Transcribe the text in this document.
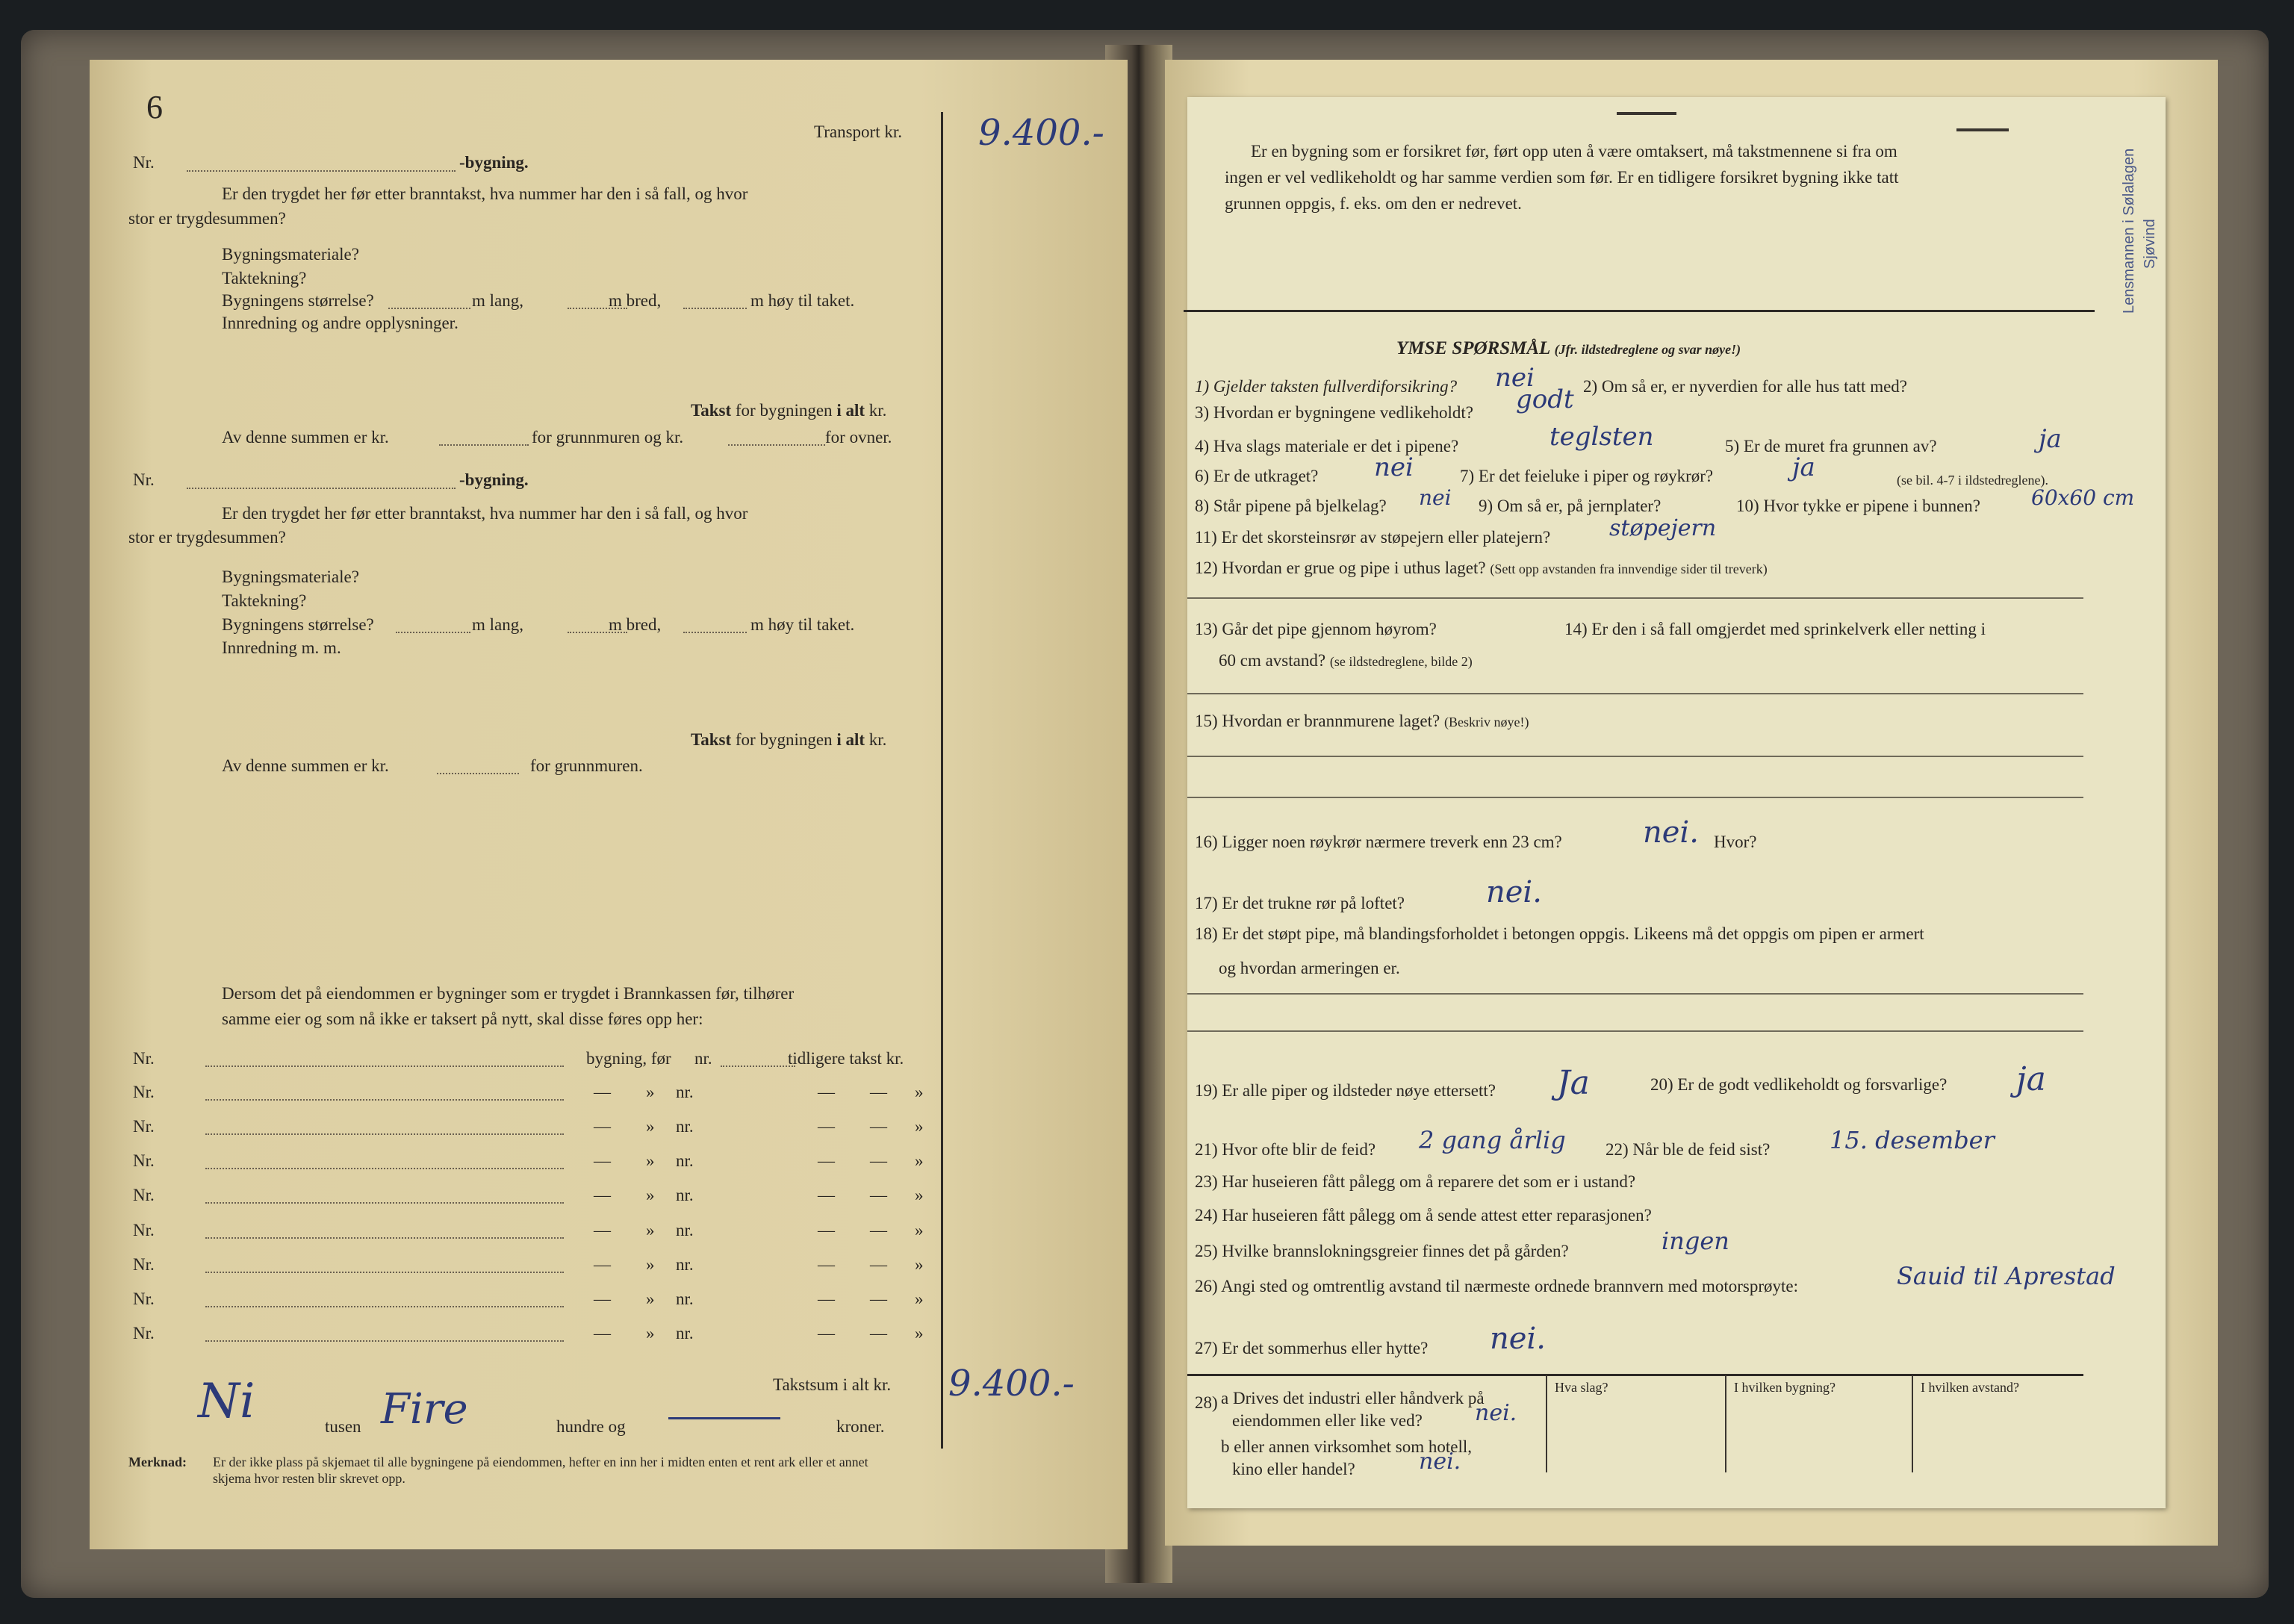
6
Transport kr. 9.400.-
Nr.	-bygning.
Er den trygdet her før etter branntakst, hva nummer har den i så fall, og hvor
stor er trygdesummen?
Bygningsmateriale?
Taktekning?
Bygningens størrelse?	m lang,	m bred,	m høy til taket.
Innredning og andre opplysninger.
Takst for bygningen i alt kr.
Av denne summen er kr.	for grunnmuren og kr.	for ovner.
Nr.	-bygning.
Er den trygdet her før etter branntakst, hva nummer har den i så fall, og hvor
stor er trygdesummen?
Bygningsmateriale?
Taktekning?
Bygningens størrelse?	m lang,	m bred,	m høy til taket.
Innredning m. m.
Takst for bygningen i alt kr.
Av denne summen er kr.	for grunnmuren.
Dersom det på eiendommen er bygninger som er trygdet i Brannkassen før, tilhører
samme eier og som nå ikke er taksert på nytt, skal disse føres opp her:
Nr.	bygning, før nr.	tidligere takst kr.
Nr.	— » nr.	— — »
Nr.	— » nr.	— — »
Nr.	— » nr.	— — »
Nr.	— » nr.	— — »
Nr.	— » nr.	— — »
Nr.	— » nr.	— — »
Nr.	— » nr.	— — »
Nr.	— » nr.	— — »
Takstsum i alt kr. 9.400.-
Ni	tusen Fire	hundre og	kroner.
Merknad: Er der ikke plass på skjemaet til alle bygningene på eiendommen, hefter en inn her i midten enten et rent ark eller et annet
skjema hvor resten blir skrevet opp.
Er en bygning som er forsikret før, ført opp uten å være omtaksert, må takstmennene si fra om
ingen er vel vedlikeholdt og har samme verdien som før. Er en tidligere forsikret bygning ikke tatt
grunnen oppgis, f. eks. om den er nedrevet.	Lensmannen i Sølalagen Sjøvind
YMSE SPØRSMÅL (Jfr. ildstedreglene og svar nøye!)
1) Gjelder taksten fullverdiforsikring? nei	2) Om så er, er nyverdien for alle hus tatt med?
3) Hvordan er bygningene vedlikeholdt? godt
4) Hva slags materiale er det i pipene?	teglsten	5) Er de muret fra grunnen av?	ja
6) Er de utkraget? nei	7) Er det feieluke i piper og røykrør?	ja	(se bil. 4-7 i ildstedreglene).
8) Står pipene på bjelkelag? nei 9) Om så er, på jernplater?	10) Hvor tykke er pipene i bunnen? 60x60 cm
11) Er det skorsteinsrør av støpejern eller platejern?	støpejern
12) Hvordan er grue og pipe i uthus laget? (Sett opp avstanden fra innvendige sider til treverk)
13) Går det pipe gjennom høyrom?	14) Er den i så fall omgjerdet med sprinkelverk eller netting i
60 cm avstand? (se ildstedreglene, bilde 2)
15) Hvordan er brannmurene laget? (Beskriv nøye!)
16) Ligger noen røykrør nærmere treverk enn 23 cm?	nei. Hvor?
17) Er det trukne rør på loftet?	nei.
18) Er det støpt pipe, må blandingsforholdet i betongen oppgis. Likeens må det oppgis om pipen er armert
og hvordan armeringen er.
19) Er alle piper og ildsteder nøye ettersett? Ja	20) Er de godt vedlikeholdt og forsvarlige? ja
21) Hvor ofte blir de feid? 2 gang årlig 22) Når ble de feid sist? 15. desember
23) Har huseieren fått pålegg om å reparere det som er i ustand?
24) Har huseieren fått pålegg om å sende attest etter reparasjonen?
25) Hvilke brannslokningsgreier finnes det på gården?	ingen
26) Angi sted og omtrentlig avstand til nærmeste ordnede brannvern med motorsprøyte:	Sauid til Aprestad
27) Er det sommerhus eller hytte? nei.
Hva slag?	I hvilken bygning?	I hvilken avstand?
28) a Drives det industri eller håndverk på
eiendommen eller like ved? nei.
b eller annen virksomhet som hotell,
kino eller handel?	nei.
